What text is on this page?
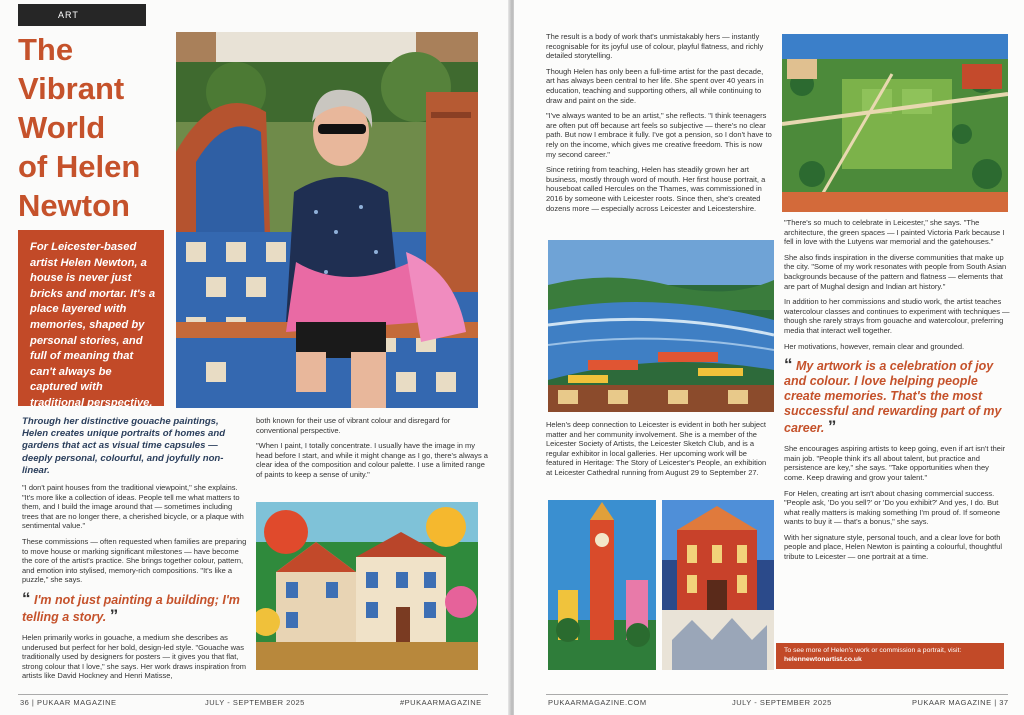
ART
The
Vibrant
World
of Helen
Newton

For Leicester-based artist Helen Newton, a house is never just bricks and mortar. It's a place layered with memories, shaped by personal stories, and full of meaning that can't always be captured with traditional perspective.

Through her distinctive gouache paintings, Helen creates unique portraits of homes and gardens that act as visual time capsules — deeply personal, colourful, and joyfully non-linear.

"I don't paint houses from the traditional viewpoint," she explains. "It's more like a collection of ideas. People tell me what matters to them, and I build the image around that — sometimes including trees that are no longer there, a cherished bicycle, or a plaque with sentimental value."

These commissions — often requested when families are preparing to move house or marking significant milestones — have become the core of the artist's practice. She brings together colour, pattern, and emotion into stylised, memory-rich compositions. "It's like a puzzle," she says.

“ I'm not just painting a building; I'm telling a story. ”

Helen primarily works in gouache, a medium she describes as underused but perfect for her bold, design-led style. "Gouache was traditionally used by designers for posters — it gives you that flat, strong colour that I love," she says. Her work draws inspiration from artists like David Hockney and Henri Matisse,

both known for their use of vibrant colour and disregard for conventional perspective.

"When I paint, I totally concentrate. I usually have the image in my head before I start, and while it might change as I go, there's always a clear idea of the composition and colour palette. I use a limited range of paints to keep a sense of unity."

36 | PUKAAR MAGAZINE	JULY - SEPTEMBER 2025	#PUKAARMAGAZINE

The result is a body of work that's unmistakably hers — instantly recognisable for its joyful use of colour, playful flatness, and richly detailed storytelling.

Though Helen has only been a full-time artist for the past decade, art has always been central to her life. She spent over 40 years in education, teaching and supporting others, all while continuing to draw and paint on the side.

"I've always wanted to be an artist," she reflects. "I think teenagers are often put off because art feels so subjective — there's no clear path. But now I embrace it fully. I've got a pension, so I don't have to rely on the income, which gives me creative freedom. This is now my second career."

Since retiring from teaching, Helen has steadily grown her art business, mostly through word of mouth. Her first house portrait, a houseboat called Hercules on the Thames, was commissioned in 2016 by someone with Leicester roots. Since then, she's created dozens more — especially across Leicester and Leicestershire.

Helen's deep connection to Leicester is evident in both her subject matter and her community involvement. She is a member of the Leicester Society of Artists, the Leicester Sketch Club, and is a regular exhibitor in local galleries. Her upcoming work will be featured in Heritage: The Story of Leicester's People, an exhibition at Leicester Cathedral running from August 29 to September 27.

"There's so much to celebrate in Leicester," she says. "The architecture, the green spaces — I painted Victoria Park because I fell in love with the Lutyens war memorial and the gatehouses."

She also finds inspiration in the diverse communities that make up the city. "Some of my work resonates with people from South Asian backgrounds because of the pattern and flatness — elements that are part of Mughal design and Indian art history."

In addition to her commissions and studio work, the artist teaches watercolour classes and continues to experiment with techniques — though she rarely strays from gouache and watercolour, preferring media that interact well together.

Her motivations, however, remain clear and grounded.

“ My artwork is a celebration of joy and colour. I love helping people create memories. That's the most successful and rewarding part of my career. ”

She encourages aspiring artists to keep going, even if art isn't their main job. "People think it's all about talent, but practice and persistence are key," she says. "Take opportunities when they come. Keep drawing and grow your talent."

For Helen, creating art isn't about chasing commercial success. "People ask, 'Do you sell?' or 'Do you exhibit?' And yes, I do. But what really matters is making something I'm proud of. If someone wants to buy it — that's a bonus," she says.

With her signature style, personal touch, and a clear love for both people and place, Helen Newton is painting a colourful, thoughtful tribute to Leicester — one portrait at a time.

To see more of Helen's work or commission a portrait, visit:
helennewtonartist.co.uk
PUKAARMAGAZINE.COM	JULY - SEPTEMBER 2025	PUKAAR MAGAZINE | 37
